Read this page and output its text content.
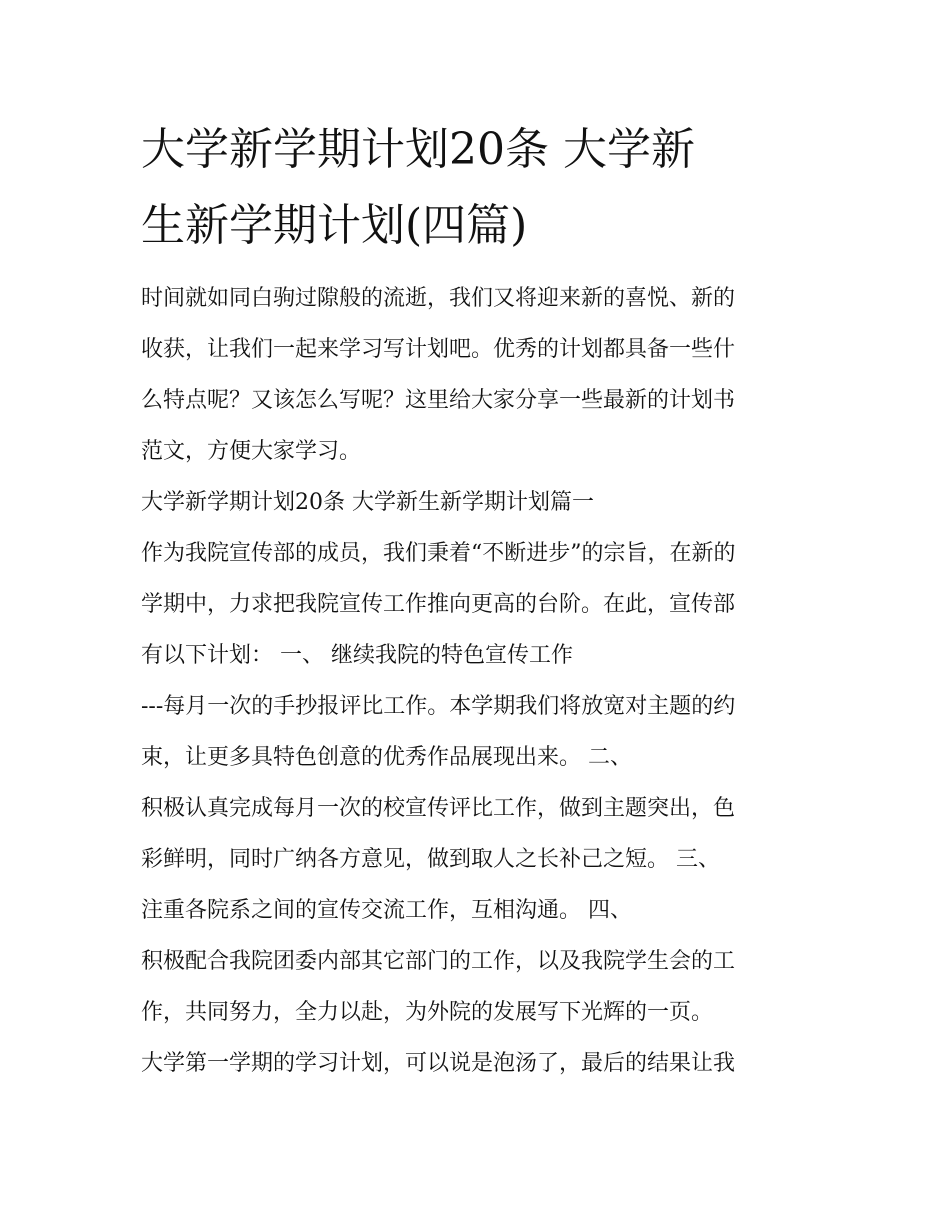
大学新学期计划20条 大学新
生新学期计划(四篇)
时间就如同白驹过隙般的流逝，我们又将迎来新的喜悦、新的
收获，让我们一起来学习写计划吧。优秀的计划都具备一些什
么特点呢？又该怎么写呢？这里给大家分享一些最新的计划书
范文，方便大家学习。
大学新学期计划20条 大学新生新学期计划篇一
作为我院宣传部的成员，我们秉着“不断进步”的宗旨，在新的
学期中，力求把我院宣传工作推向更高的台阶。在此，宣传部
有以下计划： 一、 继续我院的特色宣传工作
---每月一次的手抄报评比工作。本学期我们将放宽对主题的约
束，让更多具特色创意的优秀作品展现出来。 二、
积极认真完成每月一次的校宣传评比工作，做到主题突出，色
彩鲜明，同时广纳各方意见，做到取人之长补己之短。 三、
注重各院系之间的宣传交流工作，互相沟通。 四、
积极配合我院团委内部其它部门的工作，以及我院学生会的工
作，共同努力，全力以赴，为外院的发展写下光辉的一页。
大学第一学期的学习计划，可以说是泡汤了，最后的结果让我
